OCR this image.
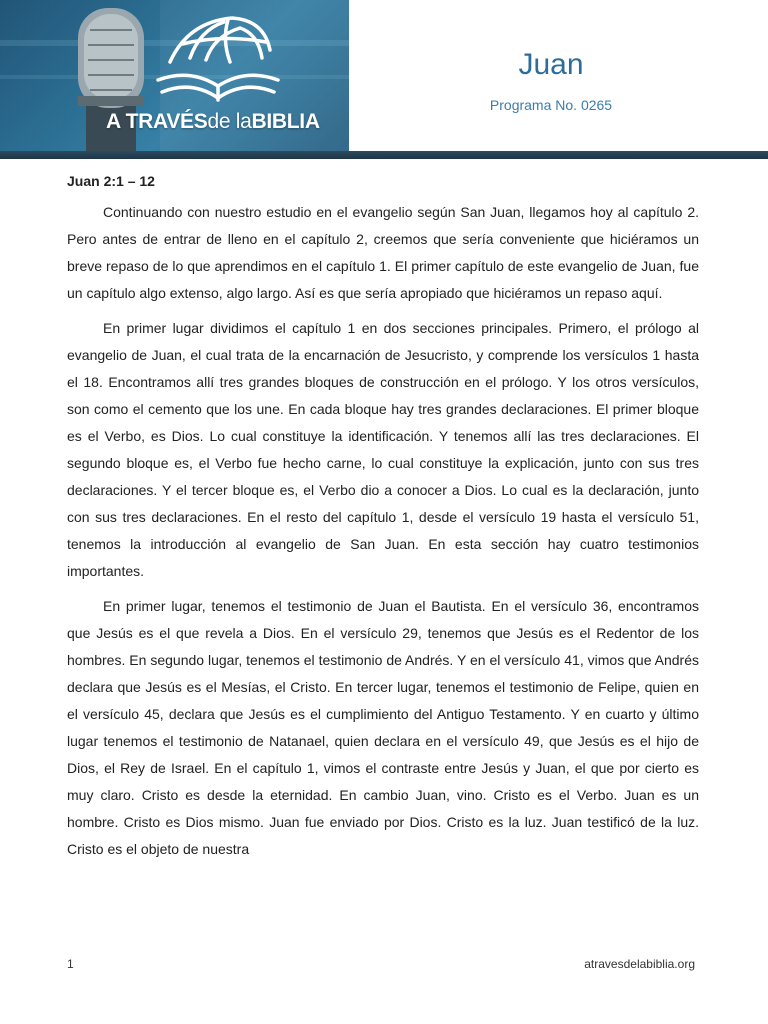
A TRAVÉSde laBIBLIA
Juan
Programa No. 0265
Juan 2:1 – 12

Continuando con nuestro estudio en el evangelio según San Juan, llegamos hoy al capítulo 2. Pero antes de entrar de lleno en el capítulo 2, creemos que sería conveniente que hiciéramos un breve repaso de lo que aprendimos en el capítulo 1. El primer capítulo de este evangelio de Juan, fue un capítulo algo extenso, algo largo. Así es que sería apropiado que hiciéramos un repaso aquí.

En primer lugar dividimos el capítulo 1 en dos secciones principales. Primero, el prólogo al evangelio de Juan, el cual trata de la encarnación de Jesucristo, y comprende los versículos 1 hasta el 18. Encontramos allí tres grandes bloques de construcción en el prólogo. Y los otros versículos, son como el cemento que los une. En cada bloque hay tres grandes declaraciones. El primer bloque es el Verbo, es Dios. Lo cual constituye la identificación. Y tenemos allí las tres declaraciones. El segundo bloque es, el Verbo fue hecho carne, lo cual constituye la explicación, junto con sus tres declaraciones. Y el tercer bloque es, el Verbo dio a conocer a Dios. Lo cual es la declaración, junto con sus tres declaraciones. En el resto del capítulo 1, desde el versículo 19 hasta el versículo 51, tenemos la introducción al evangelio de San Juan. En esta sección hay cuatro testimonios importantes.

En primer lugar, tenemos el testimonio de Juan el Bautista. En el versículo 36, encontramos que Jesús es el que revela a Dios. En el versículo 29, tenemos que Jesús es el Redentor de los hombres. En segundo lugar, tenemos el testimonio de Andrés. Y en el versículo 41, vimos que Andrés declara que Jesús es el Mesías, el Cristo. En tercer lugar, tenemos el testimonio de Felipe, quien en el versículo 45, declara que Jesús es el cumplimiento del Antiguo Testamento. Y en cuarto y último lugar tenemos el testimonio de Natanael, quien declara en el versículo 49, que Jesús es el hijo de Dios, el Rey de Israel. En el capítulo 1, vimos el contraste entre Jesús y Juan, el que por cierto es muy claro. Cristo es desde la eternidad. En cambio Juan, vino. Cristo es el Verbo. Juan es un hombre. Cristo es Dios mismo. Juan fue enviado por Dios. Cristo es la luz. Juan testificó de la luz. Cristo es el objeto de nuestra

1	atravesdelabiblia.org
